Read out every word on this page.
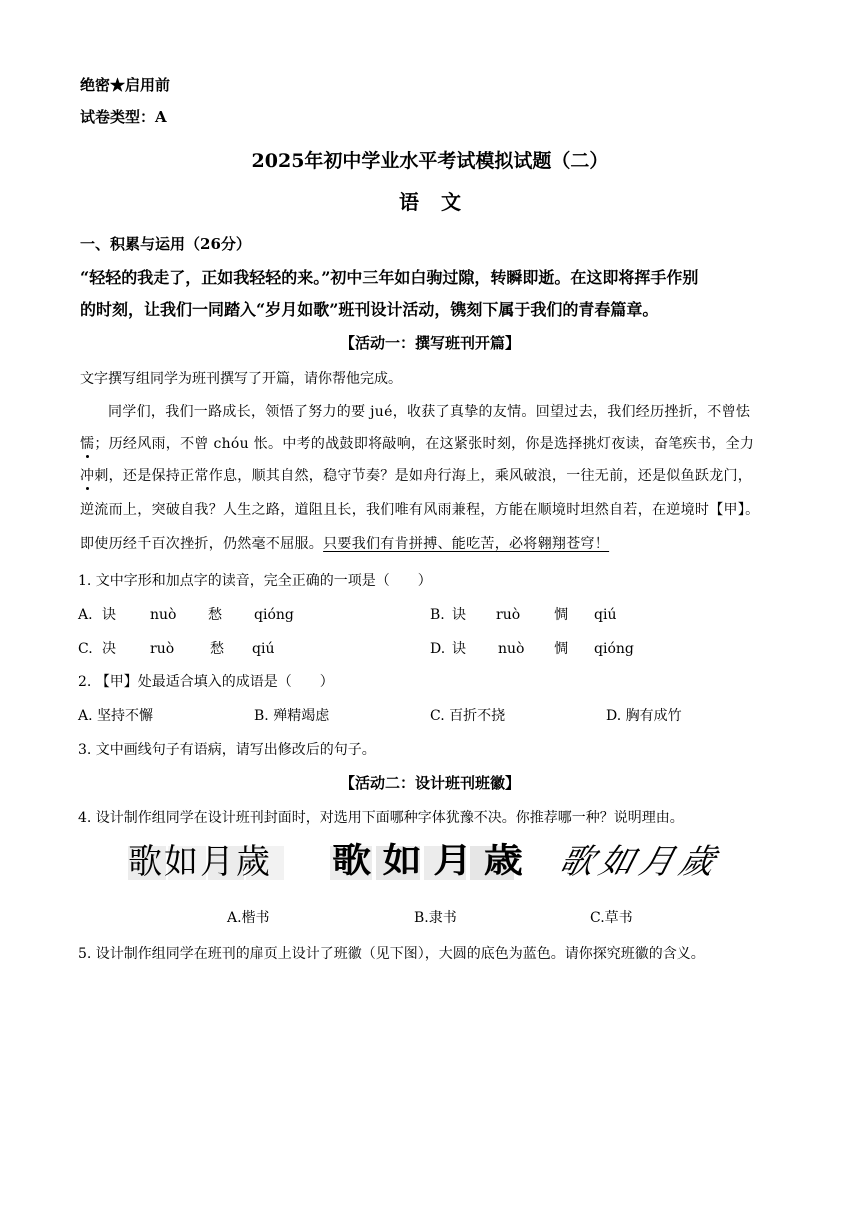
绝密★启用前
试卷类型：A
2025年初中学业水平考试模拟试题（二）
语文
一、积累与运用（26分）
“轻轻的我走了，正如我轻轻的来。”初中三年如白驹过隙，转瞬即逝。在这即将挥手作别
的时刻，让我们一同踏入“岁月如歌”班刊设计活动，镌刻下属于我们的青春篇章。
【活动一：撰写班刊开篇】
文字撰写组同学为班刊撰写了开篇，请你帮他完成。
同学们，我们一路成长，领悟了努力的要 jué，收获了真挚的友情。回望过去，我们经历挫折，不曾怯
懦；历经风雨，不曾 chóu 怅。中考的战鼓即将敲响，在这紧张时刻，你是选择挑灯夜读，奋笔疾书，全力
冲刺，还是保持正常作息，顺其自然，稳守节奏？是如舟行海上，乘风破浪，一往无前，还是似鱼跃龙门，
逆流而上，突破自我？人生之路，道阻且长，我们唯有风雨兼程，方能在顺境时坦然自若，在逆境时【甲】。
即使历经千百次挫折，仍然毫不屈服。只要我们有肯拼搏、能吃苦，必将翱翔苍穹！
1. 文中字形和加点字的读音，完全正确的一项是（　　）
A. 诀 nuò 愁 qióng	B. 诀 ruò 惆 qiú
C. 决 ruò	愁 qiú	D. 诀 nuò 惆 qióng
2. 【甲】处最适合填入的成语是（　　）
A. 坚持不懈	B. 殚精竭虑	C. 百折不挠	D. 胸有成竹
3. 文中画线句子有语病，请写出修改后的句子。
【活动二：设计班刊班徽】
4. 设计制作组同学在设计班刊封面时，对选用下面哪种字体犹豫不决。你推荐哪一种？说明理由。
歌如月歲 歌如月歳 歌如月歲
A.楷书	B.隶书	C.草书
5. 设计制作组同学在班刊的扉页上设计了班徽（见下图），大圆的底色为蓝色。请你探究班徽的含义。
